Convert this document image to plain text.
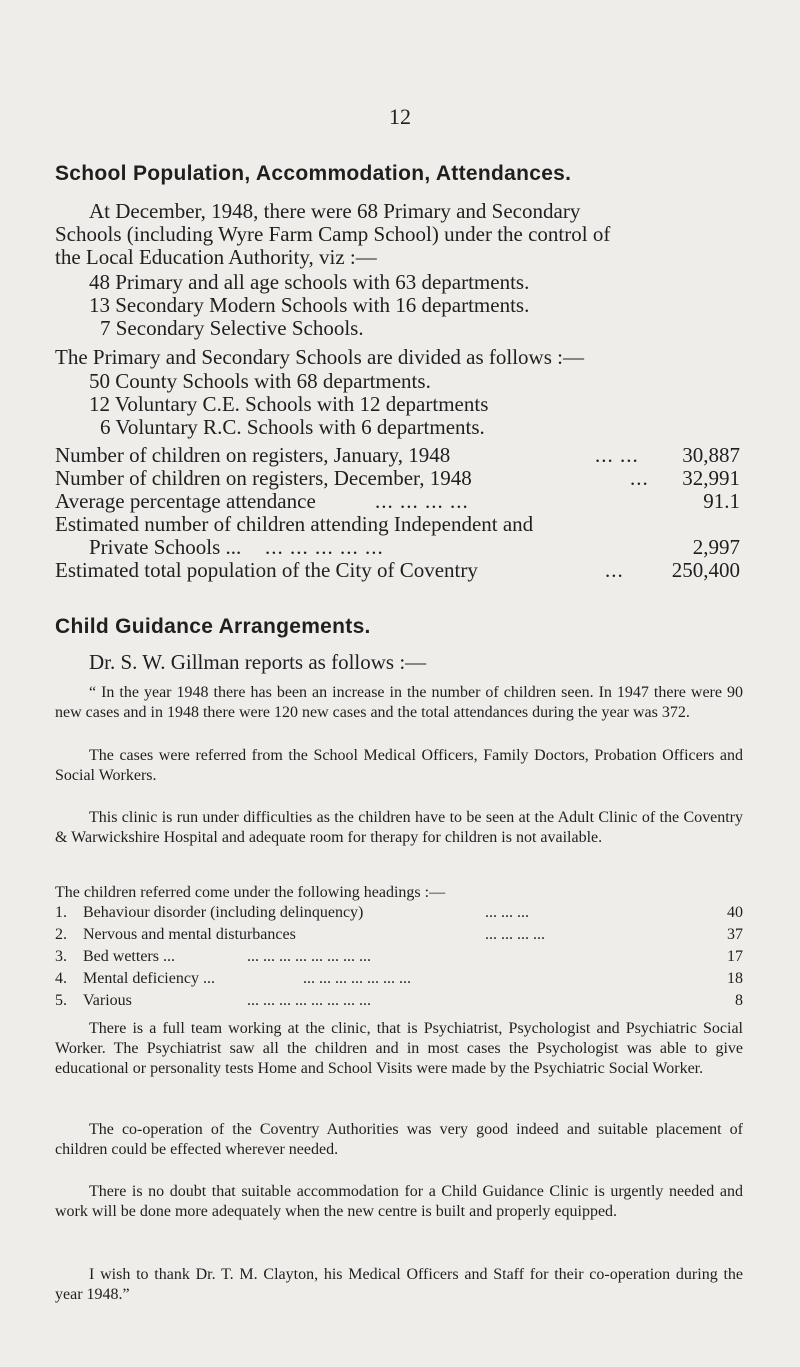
12
School Population, Accommodation, Attendances.
At December, 1948, there were 68 Primary and Secondary
Schools (including Wyre Farm Camp School) under the control of
the Local Education Authority, viz :—
48 Primary and all age schools with 63 departments.
13 Secondary Modern Schools with 16 departments.
7 Secondary Selective Schools.
The Primary and Secondary Schools are divided as follows :—
50 County Schools with 68 departments.
12 Voluntary C.E. Schools with 12 departments
6 Voluntary R.C. Schools with 6 departments.
Number of children on registers, January, 1948	... ... 30,887
Number of children on registers, December, 1948	... 32,991
Average percentage attendance	... ... ... ...	91.1
Estimated number of children attending Independent and
Private Schools ... ... ... ... ... ...	2,997
Estimated total population of the City of Coventry	... 250,400
Child Guidance Arrangements.
Dr. S. W. Gillman reports as follows :—
“ In the year 1948 there has been an increase in the number of children seen. In 1947 there were 90 new cases and in 1948 there were 120 new cases and the total attendances during the year was 372.
The cases were referred from the School Medical Officers, Family Doctors, Probation Officers and Social Workers.
This clinic is run under difficulties as the children have to be seen at the Adult Clinic of the Coventry & Warwickshire Hospital and adequate room for therapy for children is not available.
The children referred come under the following headings :—
1. Behaviour disorder (including delinquency)	... ... ...	40
2. Nervous and mental disturbances	... ... ... ...	37
3. Bed wetters ...	... ... ... ... ... ... ... ...	17
4. Mental deficiency ...	... ... ... ... ... ... ...	18
5. Various	... ... ... ... ... ... ... ...	8
There is a full team working at the clinic, that is Psychiatrist, Psychologist and Psychiatric Social Worker. The Psychiatrist saw all the children and in most cases the Psychologist was able to give educational or personality tests Home and School Visits were made by the Psychiatric Social Worker.
The co-operation of the Coventry Authorities was very good indeed and suitable placement of children could be effected wherever needed.
There is no doubt that suitable accommodation for a Child Guidance Clinic is urgently needed and work will be done more adequately when the new centre is built and properly equipped.
I wish to thank Dr. T. M. Clayton, his Medical Officers and Staff for their co-operation during the year 1948.”
